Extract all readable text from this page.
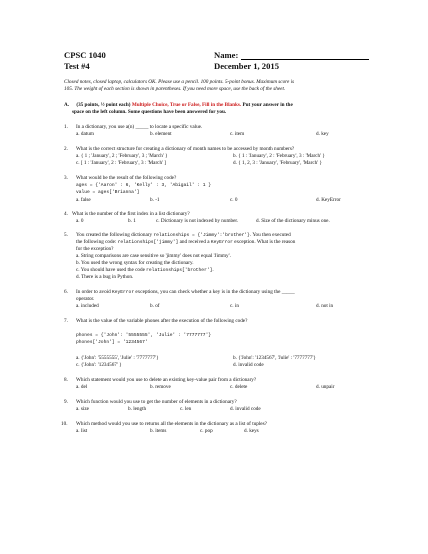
CPSC 1040
Test #4
Name:
December 1, 2015
Closed notes, closed laptop, calculators OK. Please use a pencil. 100 points. 5-point bonus. Maximum score is
105. The weight of each section is shown in parentheses. If you need more space, use the back of the sheet.
A. (35 points, ½ point each) Multiple Choice, True or False, Fill in the Blanks. Put your answer in the
space on the left column. Some questions have been answered for you.
1. In a dictionary, you use a(n) _____ to locate a specific value.
a. datum	b. element	c. item	d. key
2. What is the correct structure for creating a dictionary of month names to be accessed by month numbers?
a. { 1 ; 'January', 2 ; 'February', 3 ; 'March' }	b. { 1 : 'January', 2 : 'February', 3 : 'March' }
c. [ 1 : 'January', 2 : 'February', 3 : 'March' ]	d. { 1, 2, 3 : 'January', 'February', 'March' }
3. What would be the result of the following code?
ages = {'Aaron' : 6, 'Kelly' : 3, 'Abigail' : 1 }
value = ages['Brianna']
a. false	b. -1	c. 0	d. KeyError
4. What is the number of the first index in a list dictionary?
a. 0	b. 1	c. Dictionary is not indexed by number.	d. Size of the dictionary minus one.
5. You created the following dictionary relationships = {'Jimmy':'brother'}. You then executed
the following code: relationships['jimmy'] and received a KeyError exception. What is the reason
for the exception?
a. String comparisons are case sensitive so 'jimmy' does not equal 'Jimmy'.
b. You used the wrong syntax for creating the dictionary.
c. You should have used the code relationships['brother'].
d. There is a bug in Python.
6. In order to avoid KeyError exceptions, you can check whether a key is in the dictionary using the _____
operator.
a. included	b. of	c. in	d. not in
7. What is the value of the variable phones after the execution of the following code?
phones = {'John': '5555555', 'Julie' : '7777777'}
phones['John'] = '1234567'
a. {'John': '5555555', 'Julie' : '7777777'}	b. {'John': '1234567', 'Julie' : '7777777'}
c. {'John': '1234567' }	d. invalid code
8. Which statement would you use to delete an existing key-value pair from a dictionary?
a. del	b. remove	c. delete	d. unpair
9. Which function would you use to get the number of elements in a dictionary?
a. size	b. length	c. len	d. invalid code
10. Which method would you use to returns all the elements in the dictionary as a list of tuples?
a. list	b. items	c. pop	d. keys
